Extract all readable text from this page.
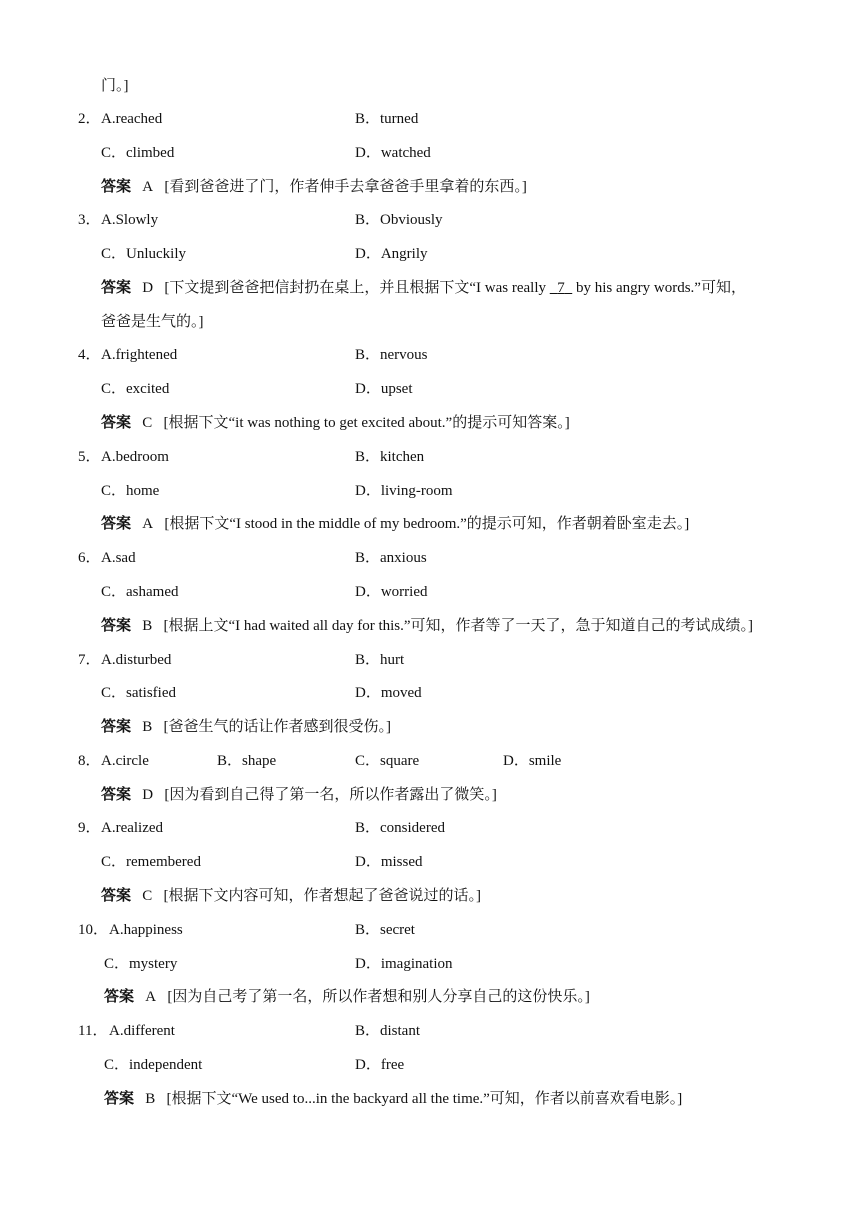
门。]
2． A.reached	B．turned
C．climbed	D．watched
答案 A [看到爸爸进了门，作者伸手去拿爸爸手里拿着的东西。]
3． A.Slowly	B．Obviously
C．Unluckily	D．Angrily
答案 D [下文提到爸爸把信封扔在桌上，并且根据下文“I was really   7   by his angry words.”可知，
爸爸是生气的。]
4． A.frightened	B．nervous
C．excited	D．upset
答案 C [根据下文“it was nothing to get excited about.”的提示可知答案。]
5． A.bedroom	B．kitchen
C．home	D．living-room
答案 A [根据下文“I stood in the middle of my bedroom.”的提示可知，作者朝着卧室走去。]
6． A.sad	B．anxious
C．ashamed	D．worried
答案 B [根据上文“I had waited all day for this.”可知，作者等了一天了，急于知道自己的考试成绩。]
7． A.disturbed	B．hurt
C．satisfied	D．moved
答案 B [爸爸生气的话让作者感到很受伤。]
8． A.circle	B．shape	C．square	D．smile
答案 D [因为看到自己得了第一名，所以作者露出了微笑。]
9． A.realized	B．considered
C．remembered	D．missed
答案 C [根据下文内容可知，作者想起了爸爸说过的话。]
10． A.happiness	B．secret
C．mystery	D．imagination
答案 A [因为自己考了第一名，所以作者想和别人分享自己的这份快乐。]
11． A.different	B．distant
C．independent	D．free
答案 B [根据下文“We used to...in the backyard all the time.”可知，作者以前喜欢看电影。]
